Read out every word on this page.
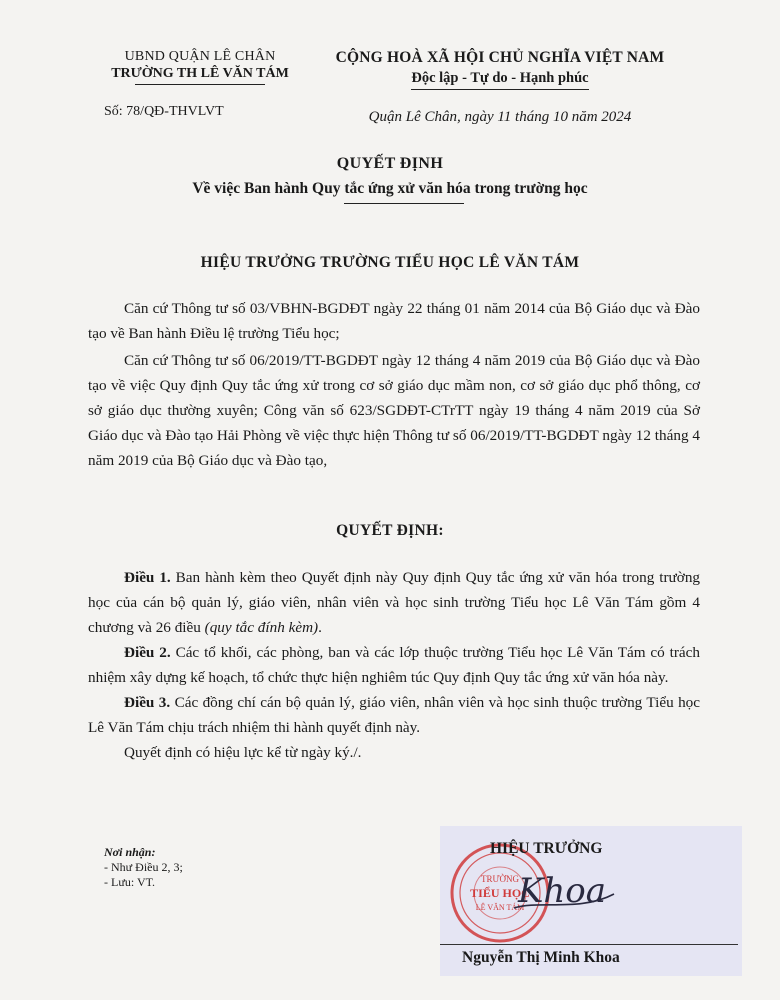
UBND QUẬN LÊ CHÂN
TRƯỜNG TH LÊ VĂN TÁM
Số: 78/QĐ-THVLVT
CỘNG HOÀ XÃ HỘI CHỦ NGHĨA VIỆT NAM
Độc lập - Tự do - Hạnh phúc
Quận Lê Chân, ngày 11 tháng 10 năm 2024
QUYẾT ĐỊNH
Về việc Ban hành Quy tắc ứng xử văn hóa trong trường học
HIỆU TRƯỞNG TRƯỜNG TIỂU HỌC LÊ VĂN TÁM

Căn cứ Thông tư số 03/VBHN-BGDĐT ngày 22 tháng 01 năm 2014 của Bộ Giáo dục và Đào tạo về Ban hành Điều lệ trường Tiểu học;

Căn cứ Thông tư số 06/2019/TT-BGDĐT ngày 12 tháng 4 năm 2019 của Bộ Giáo dục và Đào tạo về việc Quy định Quy tắc ứng xử trong cơ sở giáo dục mầm non, cơ sở giáo dục phổ thông, cơ sở giáo dục thường xuyên; Công văn số 623/SGDĐT-CTrTT ngày 19 tháng 4 năm 2019 của Sở Giáo dục và Đào tạo Hải Phòng về việc thực hiện Thông tư số 06/2019/TT-BGDĐT ngày 12 tháng 4 năm 2019 của Bộ Giáo dục và Đào tạo,

QUYẾT ĐỊNH:

Điều 1. Ban hành kèm theo Quyết định này Quy định Quy tắc ứng xử văn hóa trong trường học của cán bộ quản lý, giáo viên, nhân viên và học sinh trường Tiểu học Lê Văn Tám gồm 4 chương và 26 điều (quy tắc đính kèm).

Điều 2. Các tổ khối, các phòng, ban và các lớp thuộc trường Tiểu học Lê Văn Tám có trách nhiệm xây dựng kế hoạch, tổ chức thực hiện nghiêm túc Quy định Quy tắc ứng xử văn hóa này.

Điều 3. Các đồng chí cán bộ quản lý, giáo viên, nhân viên và học sinh thuộc trường Tiểu học Lê Văn Tám chịu trách nhiệm thi hành quyết định này.

Quyết định có hiệu lực kể từ ngày ký./.

Nơi nhận:
- Như Điều 2, 3;
- Lưu: VT.	TRƯỜNG
TIỂU HỌC
LÊ VĂN TÁM
HIỆU TRƯỞNG
Khoa
Nguyễn Thị Minh Khoa
